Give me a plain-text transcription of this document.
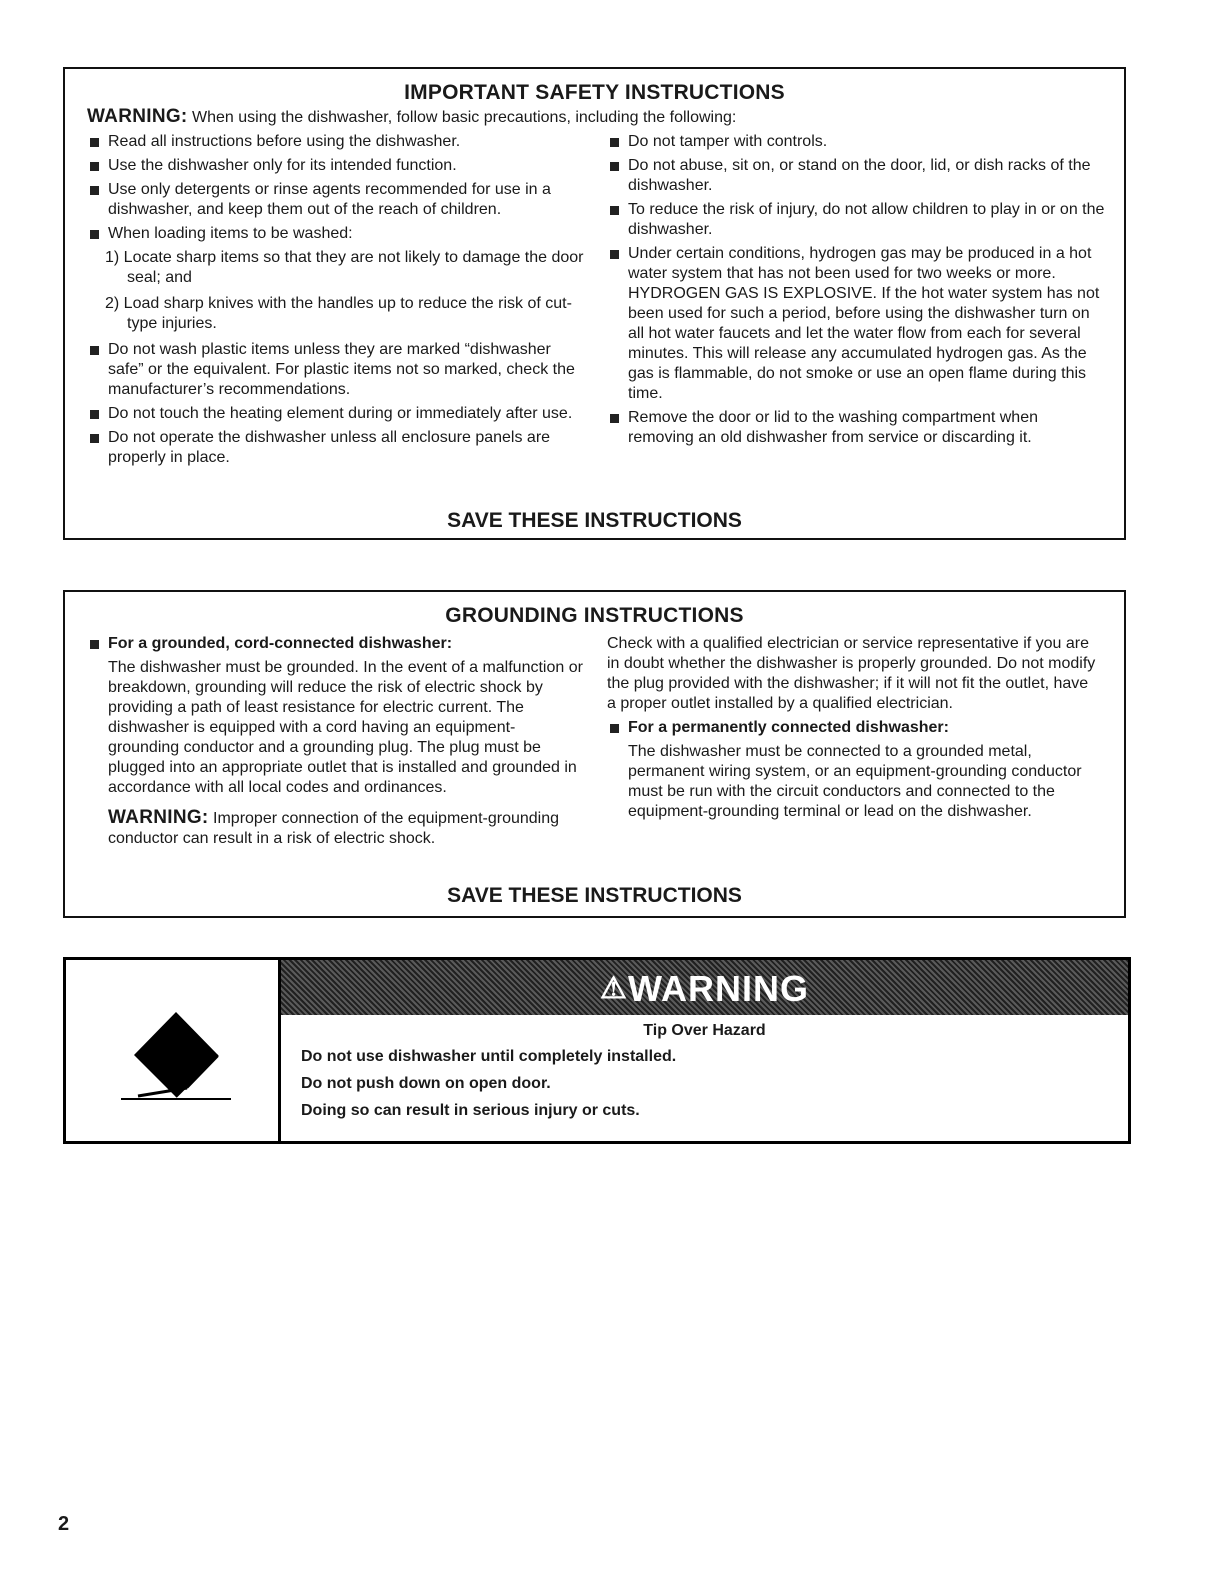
IMPORTANT SAFETY INSTRUCTIONS
WARNING: When using the dishwasher, follow basic precautions, including the following:
Read all instructions before using the dishwasher.
Use the dishwasher only for its intended function.
Use only detergents or rinse agents recommended for use in a dishwasher, and keep them out of the reach of children.
When loading items to be washed:
1) Locate sharp items so that they are not likely to damage the door seal; and
2) Load sharp knives with the handles up to reduce the risk of cut-type injuries.
Do not wash plastic items unless they are marked “dishwasher safe” or the equivalent. For plastic items not so marked, check the manufacturer’s recommendations.
Do not touch the heating element during or immediately after use.
Do not operate the dishwasher unless all enclosure panels are properly in place.
Do not tamper with controls.
Do not abuse, sit on, or stand on the door, lid, or dish racks of the dishwasher.
To reduce the risk of injury, do not allow children to play in or on the dishwasher.
Under certain conditions, hydrogen gas may be produced in a hot water system that has not been used for two weeks or more. HYDROGEN GAS IS EXPLOSIVE. If the hot water system has not been used for such a period, before using the dishwasher turn on all hot water faucets and let the water flow from each for several minutes. This will release any accumulated hydrogen gas. As the gas is flammable, do not smoke or use an open flame during this time.
Remove the door or lid to the washing compartment when removing an old dishwasher from service or discarding it.
SAVE THESE INSTRUCTIONS
GROUNDING INSTRUCTIONS
For a grounded, cord-connected dishwasher:
The dishwasher must be grounded. In the event of a malfunction or breakdown, grounding will reduce the risk of electric shock by providing a path of least resistance for electric current. The dishwasher is equipped with a cord having an equipment-grounding conductor and a grounding plug. The plug must be plugged into an appropriate outlet that is installed and grounded in accordance with all local codes and ordinances.
WARNING: Improper connection of the equipment-grounding conductor can result in a risk of electric shock.
Check with a qualified electrician or service representative if you are in doubt whether the dishwasher is properly grounded. Do not modify the plug provided with the dishwasher; if it will not fit the outlet, have a proper outlet installed by a qualified electrician.
For a permanently connected dishwasher:
The dishwasher must be connected to a grounded metal, permanent wiring system, or an equipment-grounding conductor must be run with the circuit conductors and connected to the equipment-grounding terminal or lead on the dishwasher.
SAVE THESE INSTRUCTIONS
⚠WARNING
Tip Over Hazard
Do not use dishwasher until completely installed.
Do not push down on open door.
Doing so can result in serious injury or cuts.
2
